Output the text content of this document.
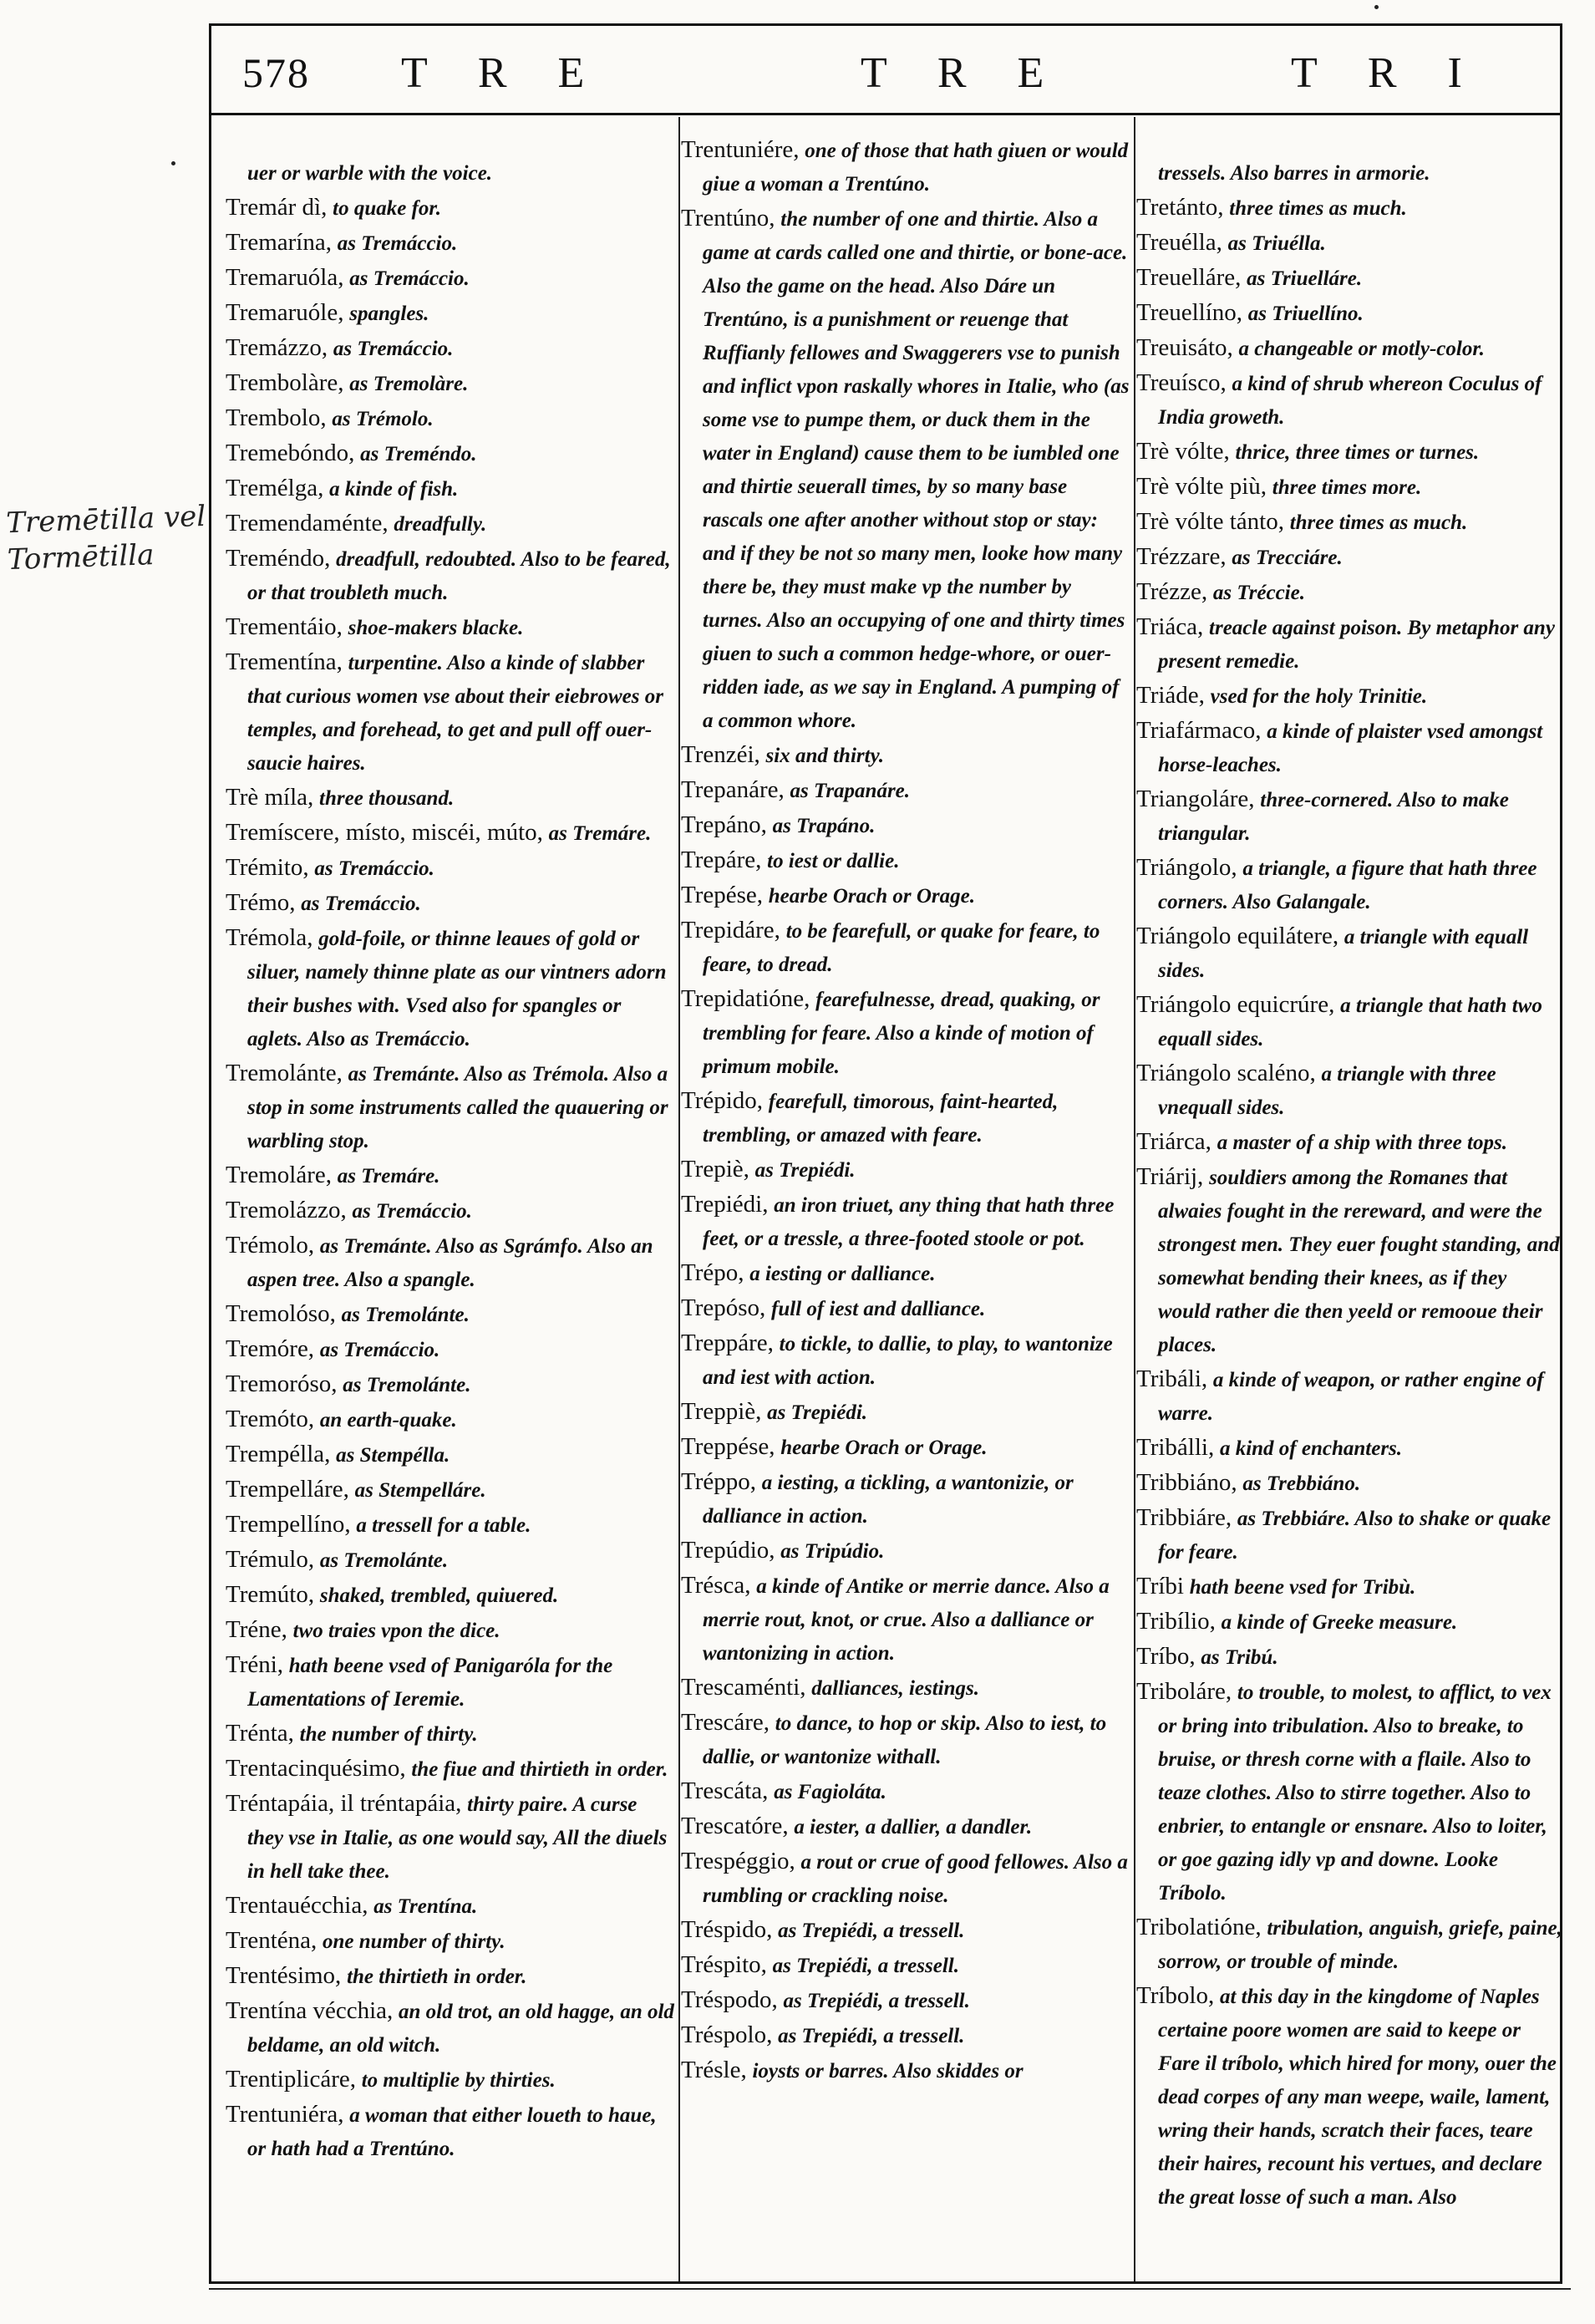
Tremētilla vel
Tormētilla
578 T R E	T R E	T R I

uer or warble with the voice.

Tremár dì, to quake for.

Tremarína, as Tremáccio.

Tremaruóla, as Tremáccio.

Tremaruóle, spangles.

Tremázzo, as Tremáccio.

Trembolàre, as Tremolàre.

Trembolo, as Trémolo.

Tremebóndo, as Treméndo.

Tremélga, a kinde of fish.

Tremendaménte, dreadfully.

Treméndo, dreadfull, redoubted. Also to be feared, or that troubleth much.

Trementáio, shoe-makers blacke.

Trementína, turpentine. Also a kinde of slabber that curious women vse about their eiebrowes or temples, and forehead, to get and pull off ouer-saucie haires.

Trè míla, three thousand.

Tremíscere, místo, miscéi, múto, as Tremáre.

Trémito, as Tremáccio.

Trémo, as Tremáccio.

Trémola, gold-foile, or thinne leaues of gold or siluer, namely thinne plate as our vintners adorn their bushes with. Vsed also for spangles or aglets. Also as Tremáccio.

Tremolánte, as Tremánte. Also as Trémola. Also a stop in some instruments called the quauering or warbling stop.

Tremoláre, as Tremáre.

Tremolázzo, as Tremáccio.

Trémolo, as Tremánte. Also as Sgrámfo. Also an aspen tree. Also a spangle.

Tremolóso, as Tremolánte.

Tremóre, as Tremáccio.

Tremoróso, as Tremolánte.

Tremóto, an earth-quake.

Trempélla, as Stempélla.

Trempelláre, as Stempelláre.

Trempellíno, a tressell for a table.

Trémulo, as Tremolánte.

Tremúto, shaked, trembled, quiuered.

Tréne, two traies vpon the dice.

Tréni, hath beene vsed of Panigaróla for the Lamentations of Ieremie.

Trénta, the number of thirty.

Trentacinquésimo, the fiue and thirtieth in order.

Tréntapáia, il tréntapáia, thirty paire. A curse they vse in Italie, as one would say, All the diuels in hell take thee.

Trentauécchia, as Trentína.

Trenténa, one number of thirty.

Trentésimo, the thirtieth in order.

Trentína vécchia, an old trot, an old hagge, an old beldame, an old witch.

Trentiplicáre, to multiplie by thirties.

Trentuniéra, a woman that either loueth to haue, or hath had a Trentúno.

Trentuniére, one of those that hath giuen or would giue a woman a Trentúno.

Trentúno, the number of one and thirtie. Also a game at cards called one and thirtie, or bone-ace. Also the game on the head. Also Dáre un Trentúno, is a punishment or reuenge that Ruffianly fellowes and Swaggerers vse to punish and inflict vpon raskally whores in Italie, who (as some vse to pumpe them, or duck them in the water in England) cause them to be iumbled one and thirtie seuerall times, by so many base rascals one after another without stop or stay: and if they be not so many men, looke how many there be, they must make vp the number by turnes. Also an occupying of one and thirty times giuen to such a common hedge-whore, or ouer-ridden iade, as we say in England. A pumping of a common whore.

Trenzéi, six and thirty.

Trepanáre, as Trapanáre.

Trepáno, as Trapáno.

Trepáre, to iest or dallie.

Trepése, hearbe Orach or Orage.

Trepidáre, to be fearefull, or quake for feare, to feare, to dread.

Trepidatióne, fearefulnesse, dread, quaking, or trembling for feare. Also a kinde of motion of primum mobile.

Trépido, fearefull, timorous, faint-hearted, trembling, or amazed with feare.

Trepiè, as Trepiédi.

Trepiédi, an iron triuet, any thing that hath three feet, or a tressle, a three-footed stoole or pot.

Trépo, a iesting or dalliance.

Trepóso, full of iest and dalliance.

Treppáre, to tickle, to dallie, to play, to wantonize and iest with action.

Treppiè, as Trepiédi.

Treppése, hearbe Orach or Orage.

Tréppo, a iesting, a tickling, a wantonizie, or dalliance in action.

Trepúdio, as Tripúdio.

Trésca, a kinde of Antike or merrie dance. Also a merrie rout, knot, or crue. Also a dalliance or wantonizing in action.

Trescaménti, dalliances, iestings.

Trescáre, to dance, to hop or skip. Also to iest, to dallie, or wantonize withall.

Trescáta, as Fagioláta.

Trescatóre, a iester, a dallier, a dandler.

Trespéggio, a rout or crue of good fellowes. Also a rumbling or crackling noise.

Tréspido, as Trepiédi, a tressell.

Tréspito, as Trepiédi, a tressell.

Tréspodo, as Trepiédi, a tressell.

Tréspolo, as Trepiédi, a tressell.

Trésle, ioysts or barres. Also skiddes or

tressels. Also barres in armorie.

Tretánto, three times as much.

Treuélla, as Triuélla.

Treuelláre, as Triuelláre.

Treuellíno, as Triuellíno.

Treuisáto, a changeable or motly-color.

Treuísco, a kind of shrub whereon Coculus of India groweth.

Trè vólte, thrice, three times or turnes.

Trè vólte più, three times more.

Trè vólte tánto, three times as much.

Trézzare, as Trecciáre.

Trézze, as Tréccie.

Triáca, treacle against poison. By metaphor any present remedie.

Triáde, vsed for the holy Trinitie.

Triafármaco, a kinde of plaister vsed amongst horse-leaches.

Triangoláre, three-cornered. Also to make triangular.

Triángolo, a triangle, a figure that hath three corners. Also Galangale.

Triángolo equilátere, a triangle with equall sides.

Triángolo equicrúre, a triangle that hath two equall sides.

Triángolo scaléno, a triangle with three vnequall sides.

Triárca, a master of a ship with three tops.

Triárij, souldiers among the Romanes that alwaies fought in the rereward, and were the strongest men. They euer fought standing, and somewhat bending their knees, as if they would rather die then yeeld or remooue their places.

Tribáli, a kinde of weapon, or rather engine of warre.

Tribálli, a kind of enchanters.

Tribbiáno, as Trebbiáno.

Tribbiáre, as Trebbiáre. Also to shake or quake for feare.

Tríbi hath beene vsed for Tribù.

Tribílio, a kinde of Greeke measure.

Tríbo, as Tribú.

Triboláre, to trouble, to molest, to afflict, to vex or bring into tribulation. Also to breake, to bruise, or thresh corne with a flaile. Also to teaze clothes. Also to stirre together. Also to enbrier, to entangle or ensnare. Also to loiter, or goe gazing idly vp and downe. Looke Tríbolo.

Tribolatióne, tribulation, anguish, griefe, paine, sorrow, or trouble of minde.

Tríbolo, at this day in the kingdome of Naples certaine poore women are said to keepe or Fare il tríbolo, which hired for mony, ouer the dead corpes of any man weepe, waile, lament, wring their hands, scratch their faces, teare their haires, recount his vertues, and declare the great losse of such a man. Also
